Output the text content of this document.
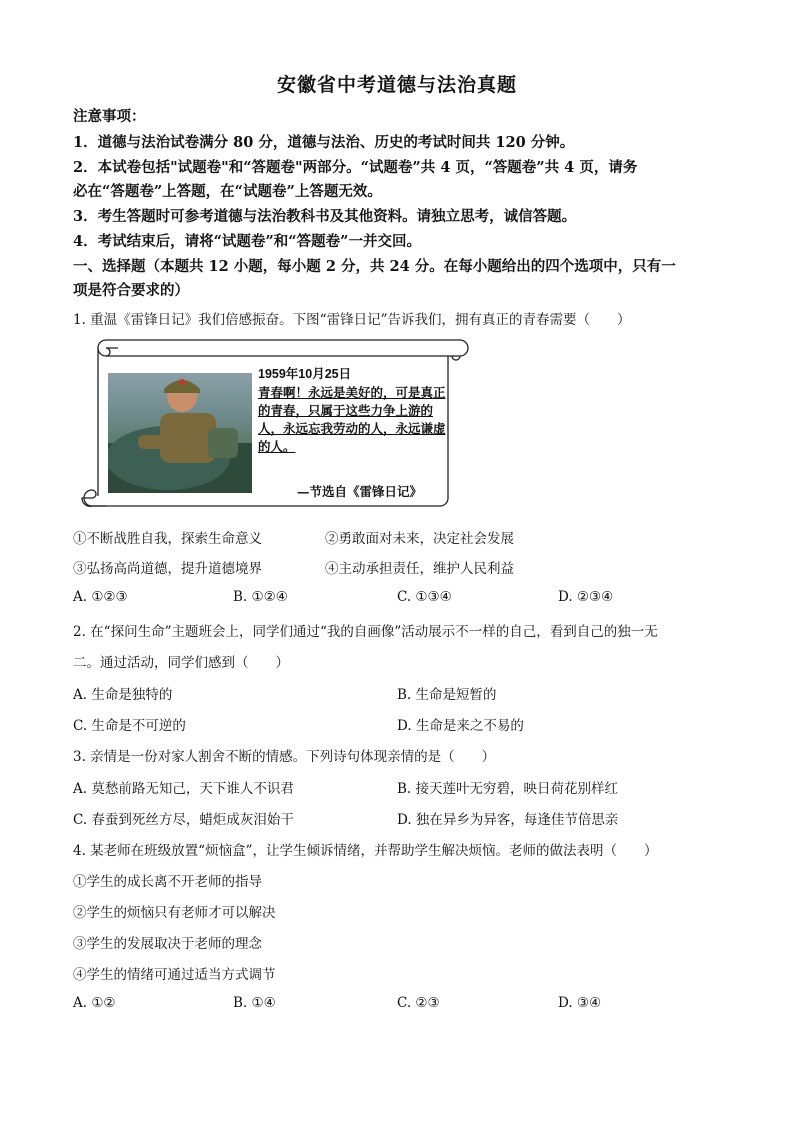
安徽省中考道德与法治真题
注意事项：
1．道德与法治试卷满分 80 分，道德与法治、历史的考试时间共 120 分钟。
2．本试卷包括"试题卷"和“答题卷"两部分。“试题卷”共 4 页，“答题卷”共 4 页，请务
必在“答题卷”上答题，在“试题卷”上答题无效。
3．考生答题时可参考道德与法治教科书及其他资料。请独立思考，诚信答题。
4．考试结束后，请将“试题卷”和“答题卷”一并交回。
一、选择题（本题共 12 小题，每小题 2 分，共 24 分。在每小题给出的四个选项中，只有一
项是符合要求的）
1. 重温《雷锋日记》我们倍感振奋。下图“雷锋日记”告诉我们，拥有真正的青春需要（　　）
1959年10月25日
青春啊！永远是美好的，可是真正的青春，只属于这些力争上游的人，永远忘我劳动的人，永远谦虚的人。
—节选自《雷锋日记》
①不断战胜自我，探索生命意义	②勇敢面对未来，决定社会发展
③弘扬高尚道德，提升道德境界	④主动承担责任，维护人民利益
A. ①②③	B. ①②④	C. ①③④	D. ②③④
2. 在“探问生命”主题班会上，同学们通过“我的自画像”活动展示不一样的自己，看到自己的独一无
二。通过活动，同学们感到（　　）
A. 生命是独特的	B. 生命是短暂的
C. 生命是不可逆的	D. 生命是来之不易的
3. 亲情是一份对家人割舍不断的情感。下列诗句体现亲情的是（　　）
A. 莫愁前路无知己，天下谁人不识君	B. 接天莲叶无穷碧，映日荷花别样红
C. 春蚕到死丝方尽，蜡炬成灰泪始干	D. 独在异乡为异客，每逢佳节倍思亲
4. 某老师在班级放置“烦恼盒”，让学生倾诉情绪，并帮助学生解决烦恼。老师的做法表明（　　）
①学生的成长离不开老师的指导
②学生的烦恼只有老师才可以解决
③学生的发展取决于老师的理念
④学生的情绪可通过适当方式调节
A. ①②	B. ①④	C. ②③	D. ③④
